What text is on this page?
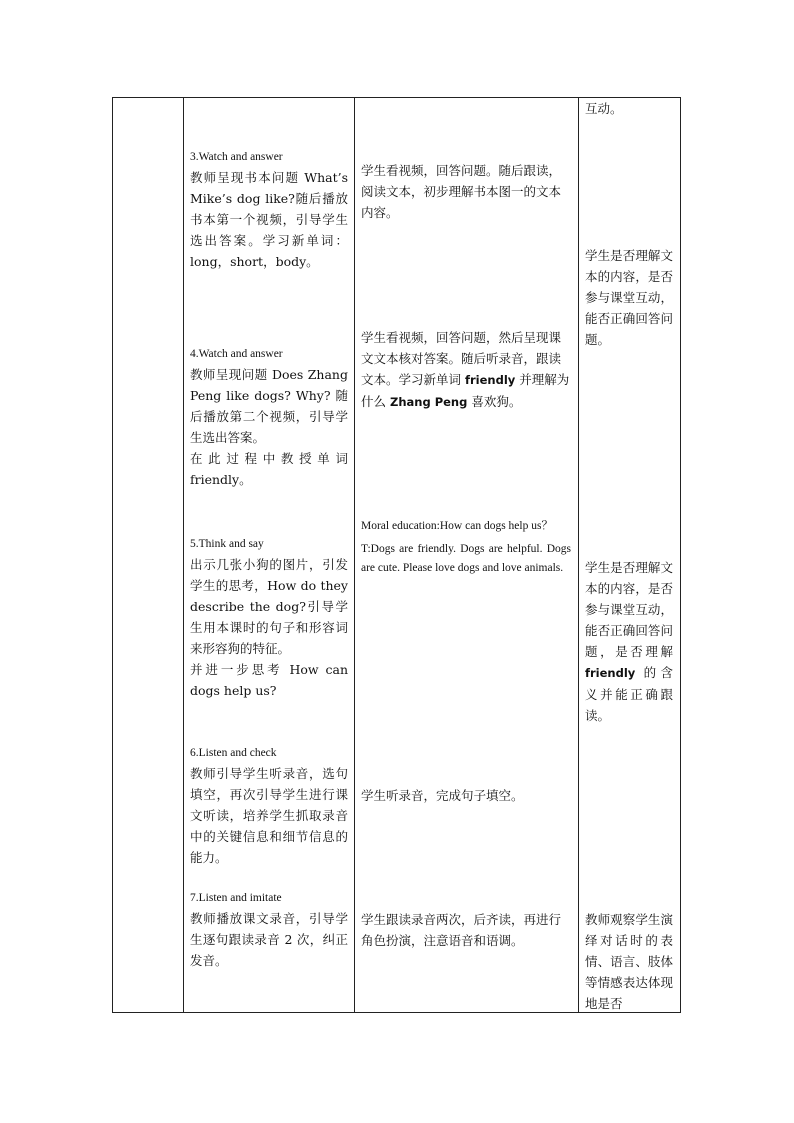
互动。
3.Watch and answer
教师呈现书本问题 What’s Mike’s dog like?随后播放书本第一个视频，引导学生选出答案。学习新单词：long，short，body。
学生看视频，回答问题。随后跟读，阅读文本，初步理解书本图一的文本内容。
学生是否理解文本的内容，是否参与课堂互动，能否正确回答问题。
4.Watch and answer
教师呈现问题 Does Zhang Peng like dogs? Why? 随后播放第二个视频，引导学生选出答案。
在此过程中教授单词 friendly。
学生看视频，回答问题，然后呈现课文文本核对答案。随后听录音，跟读文本。学习新单词 friendly 并理解为什么 Zhang Peng 喜欢狗。
5.Think and say
出示几张小狗的图片，引发学生的思考，How do they describe the dog?引导学生用本课时的句子和形容词来形容狗的特征。
并进一步思考 How can dogs help us?
Moral education:How can dogs help us？
T:Dogs are friendly. Dogs are helpful. Dogs are cute. Please love dogs and love animals.	学生是否理解文本的内容，是否参与课堂互动，能否正确回答问题，是否理解 friendly 的含义并能正确跟读。
6.Listen and check
教师引导学生听录音，选句填空，再次引导学生进行课文听读，培养学生抓取录音中的关键信息和细节信息的能力。
学生听录音，完成句子填空。
7.Listen and imitate
教师播放课文录音，引导学生逐句跟读录音 2 次，纠正发音。
学生跟读录音两次，后齐读，再进行角色扮演，注意语音和语调。
教师观察学生演绎对话时的表情、语言、肢体等情感表达体现地是否
